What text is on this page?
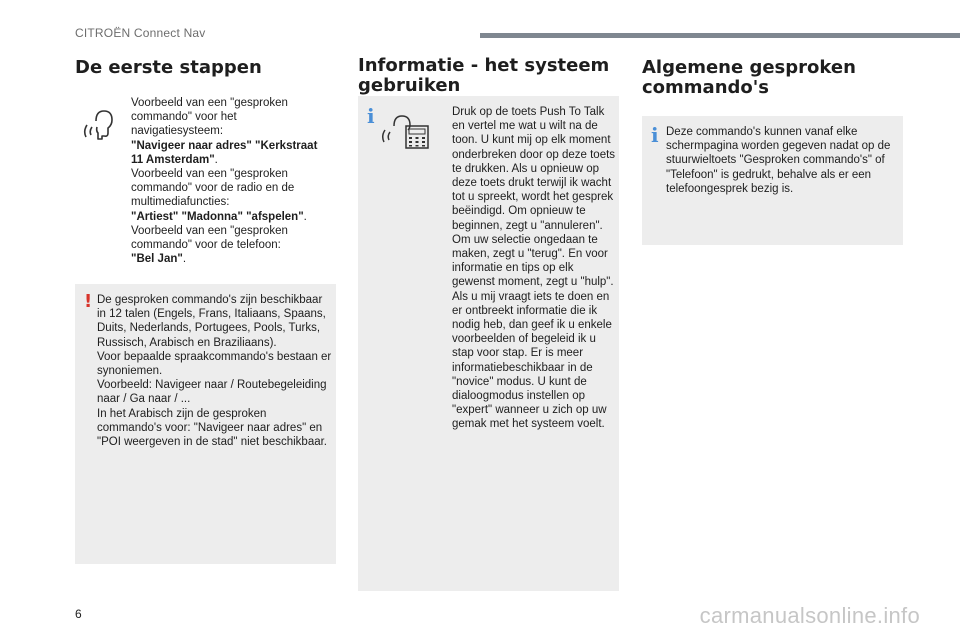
CITROËN Connect Nav
De eerste stappen
Voorbeeld van een "gesproken commando" voor het navigatiesysteem:
"Navigeer naar adres" "Kerkstraat 11 Amsterdam".
Voorbeeld van een "gesproken commando" voor de radio en de multimediafuncties:
"Artiest" "Madonna" "afspelen".
Voorbeeld van een "gesproken commando" voor de telefoon:
"Bel Jan".
! De gesproken commando's zijn beschikbaar in 12 talen (Engels, Frans, Italiaans, Spaans, Duits, Nederlands, Portugees, Pools, Turks, Russisch, Arabisch en Braziliaans).
Voor bepaalde spraakcommando's bestaan er synoniemen.
Voorbeeld: Navigeer naar / Routebegeleiding naar / Ga naar / ...
In het Arabisch zijn de gesproken commando's voor: "Navigeer naar adres" en "POI weergeven in de stad" niet beschikbaar.
Informatie - het systeem gebruiken
i	Druk op de toets Push To Talk en vertel me wat u wilt na de toon. U kunt mij op elk moment onderbreken door op deze toets te drukken. Als u opnieuw op deze toets drukt terwijl ik wacht tot u spreekt, wordt het gesprek beëindigd. Om opnieuw te beginnen, zegt u "annuleren". Om uw selectie ongedaan te maken, zegt u "terug". En voor informatie en tips op elk gewenst moment, zegt u "hulp". Als u mij vraagt iets te doen en er ontbreekt informatie die ik nodig heb, dan geef ik u enkele voorbeelden of begeleid ik u stap voor stap. Er is meer informatiebeschikbaar in de "novice" modus. U kunt de dialoogmodus instellen op "expert" wanneer u zich op uw gemak met het systeem voelt.
Algemene gesproken commando's
i Deze commando's kunnen vanaf elke schermpagina worden gegeven nadat op de stuurwieltoets "Gesproken commando's" of "Telefoon" is gedrukt, behalve als er een telefoongesprek bezig is.
6	carmanualsonline.info
